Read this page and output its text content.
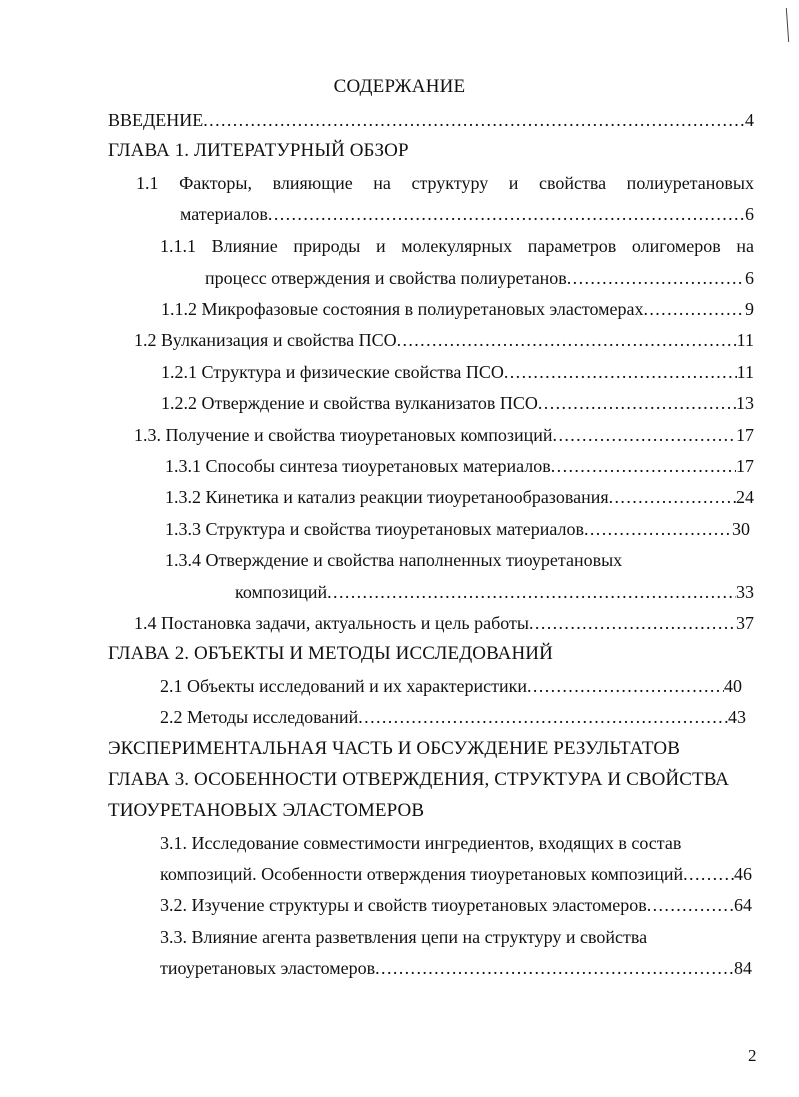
СОДЕРЖАНИЕ
ВВЕДЕНИЕ .....	4
ГЛАВА 1. ЛИТЕРАТУРНЫЙ ОБЗОР
1.1 Факторы, влияющие на структуру и свойства полиуретановых
материалов .....	6
1.1.1 Влияние природы и молекулярных параметров олигомеров на
процесс отверждения и свойства полиуретанов .....	6
1.1.2 Микрофазовые состояния в полиуретановых эластомерах .....	9
1.2 Вулканизация и свойства ПСО .....	11
1.2.1 Структура и физические свойства ПСО .....	11
1.2.2 Отверждение и свойства вулканизатов ПСО .....	13
1.3. Получение и свойства тиоуретановых композиций .....	17
1.3.1 Способы синтеза тиоуретановых материалов .....	17
1.3.2 Кинетика и катализ реакции тиоуретанообразования .....	24
1.3.3 Структура и свойства тиоуретановых материалов .....	30
1.3.4 Отверждение и свойства наполненных тиоуретановых
композиций .....	33
1.4 Постановка задачи, актуальность и цель работы .....	37
ГЛАВА 2. ОБЪЕКТЫ И МЕТОДЫ ИССЛЕДОВАНИЙ
2.1 Объекты исследований и их характеристики .....	40
2.2 Методы исследований .....	43
ЭКСПЕРИМЕНТАЛЬНАЯ ЧАСТЬ И ОБСУЖДЕНИЕ РЕЗУЛЬТАТОВ
ГЛАВА 3. ОСОБЕННОСТИ ОТВЕРЖДЕНИЯ, СТРУКТУРА И СВОЙСТВА
ТИОУРЕТАНОВЫХ ЭЛАСТОМЕРОВ
3.1. Исследование совместимости ингредиентов, входящих в состав
композиций. Особенности отверждения тиоуретановых композиций .....	46
3.2. Изучение структуры и свойств тиоуретановых эластомеров .....	64
3.3. Влияние агента разветвления цепи на структуру и свойства
тиоуретановых эластомеров .....	84
2
